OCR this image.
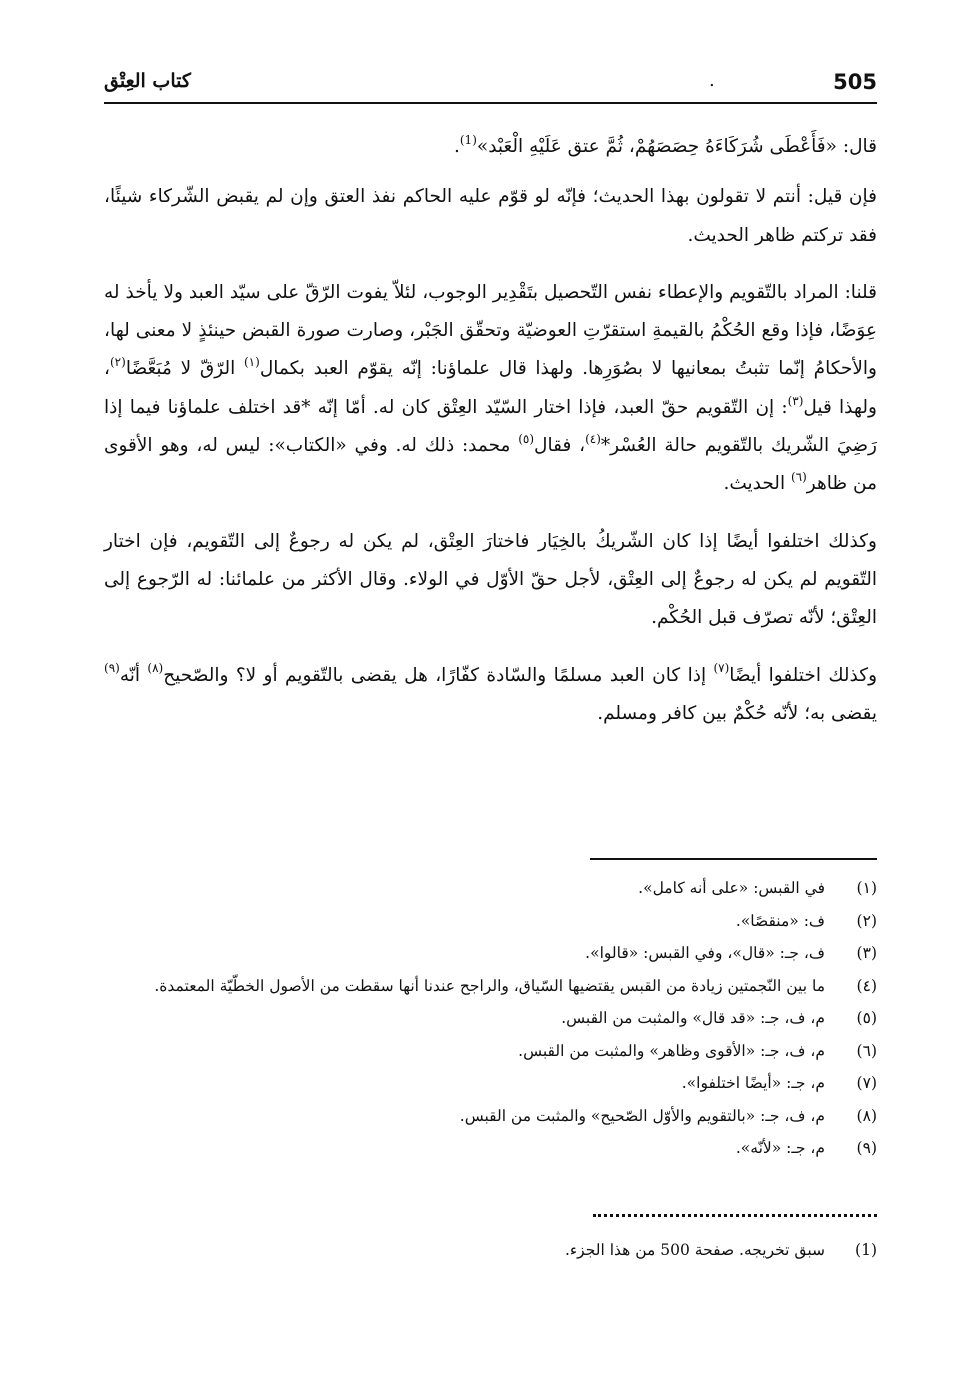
505
.
كتاب العِتْق

قال: «فَأَعْطَى شُرَكَاءَهُ حِصَصَهُمْ، ثُمَّ عتق عَلَيْهِ الْعَبْد»$^{(1)}$.

فإن قيل: أنتم لا تقولون بهذا الحديث؛ فإنّه لو قوّم عليه الحاكم نفذ العتق وإن لم يقبض الشّركاء شيئًا، فقد تركتم ظاهر الحديث.

قلنا: المراد بالتّقويم والإعطاء نفس التّحصيل بتَقْدِير الوجوب، لئلاّ يفوت الرّقّ على سيّد العبد ولا يأخذ له عِوَضًا، فإذا وقع الحُكْمُ بالقيمةِ استقرّتِ العوضيّة وتحقّق الجَبْر، وصارت صورة القبض حينئذٍ لا معنى لها، والأحكامُ إنّما تثبتُ بمعانيها لا بصُوَرِها. ولهذا قال علماؤنا: إنّه يقوّم العبد بكمال$^{(١)}$ الرّقّ لا مُبَعَّضًا$^{(٢)}$، ولهذا قيل$^{(٣)}$: إن التّقويم حقّ العبد، فإذا اختار السّيّد العِتْق كان له. أمّا إنّه *قد اختلف علماؤنا فيما إذا رَضِيَ الشّريك بالتّقويم حالة العُسْر*$^{(٤)}$، فقال$^{(٥)}$ محمد: ذلك له. وفي «الكتاب»: ليس له، وهو الأقوى من ظاهر$^{(٦)}$ الحديث.

وكذلك اختلفوا أيضًا إذا كان الشّريكُ بالخِيَار فاختارَ العِتْق، لم يكن له رجوعٌ إلى التّقويم، فإن اختار التّقويم لم يكن له رجوعٌ إلى العِتْق، لأجل حقّ الأوّل في الولاء. وقال الأكثر من علمائنا: له الرّجوع إلى العِتْق؛ لأنّه تصرّف قبل الحُكْم.

وكذلك اختلفوا أيضًا$^{(٧)}$ إذا كان العبد مسلمًا والسّادة كفّارًا، هل يقضى بالتّقويم أو لا؟ والصّحيح$^{(٨)}$ أنّه$^{(٩)}$ يقضى به؛ لأنّه حُكْمٌ بين كافر ومسلم.

(١)
في القبس: «على أنه كامل».
(٢)
ف: «منقصًا».
(٣)
ف، جـ: «قال»، وفي القبس: «قالوا».
(٤)
ما بين النّجمتين زيادة من القبس يقتضيها السّياق، والراجح عندنا أنها سقطت من الأصول الخطّيّة المعتمدة.
(٥)
م، ف، جـ: «قد قال» والمثبت من القبس.
(٦)
م، ف، جـ: «الأقوى وظاهر» والمثبت من القبس.
(٧)
م، جـ: «أيضًا اختلفوا».
(٨)
م، ف، جـ: «بالتقويم والأوّل الصّحيح» والمثبت من القبس.
(٩)
م، جـ: «لأنّه».
(1)
سبق تخريجه. صفحة 500 من هذا الجزء.
